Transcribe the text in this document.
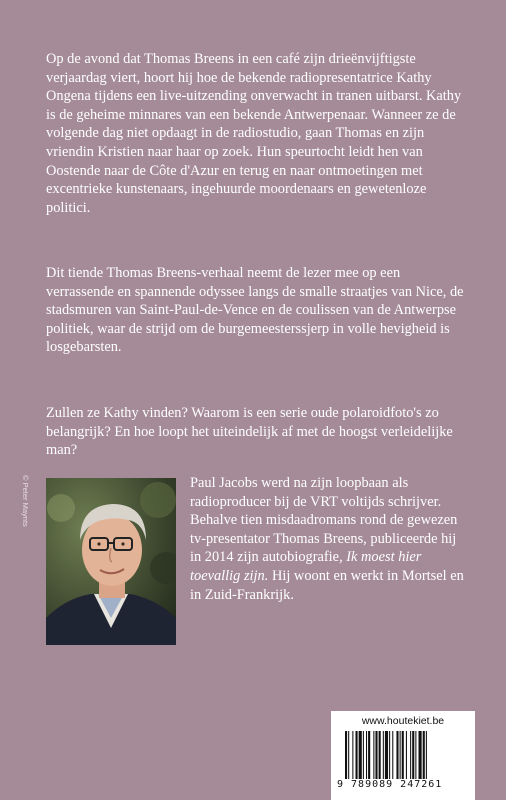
Op de avond dat Thomas Breens in een café zijn drieënvijftigste verjaardag viert, hoort hij hoe de bekende radiopresentatrice Kathy Ongena tijdens een live-uitzending onverwacht in tranen uitbarst. Kathy is de geheime minnares van een bekende Antwerpenaar. Wanneer ze de volgende dag niet opdaagt in de radiostudio, gaan Thomas en zijn vriendin Kristien naar haar op zoek. Hun speurtocht leidt hen van Oostende naar de Côte d'Azur en terug en naar ontmoetingen met excentrieke kunstenaars, ingehuurde moordenaars en gewetenloze politici.

Dit tiende Thomas Breens-verhaal neemt de lezer mee op een verrassende en spannende odyssee langs de smalle straatjes van Nice, de stadsmuren van Saint-Paul-de-Vence en de coulissen van de Antwerpse politiek, waar de strijd om de burgemeesterssjerp in volle hevigheid is losgebarsten.

Zullen ze Kathy vinden? Waarom is een serie oude polaroidfoto's zo belangrijk? En hoe loopt het uiteindelijk af met de hoogst verleidelijke man?

© Peter Maynts	Paul Jacobs werd na zijn loopbaan als radioproducer bij de VRT voltijds schrijver. Behalve tien misdaadromans rond de gewezen tv-presentator Thomas Breens, publiceerde hij in 2014 zijn autobiografie, Ik moest hier toevallig zijn. Hij woont en werkt in Mortsel en in Zuid-Frankrijk.

www.houtekiet.be
9 789089 247261
